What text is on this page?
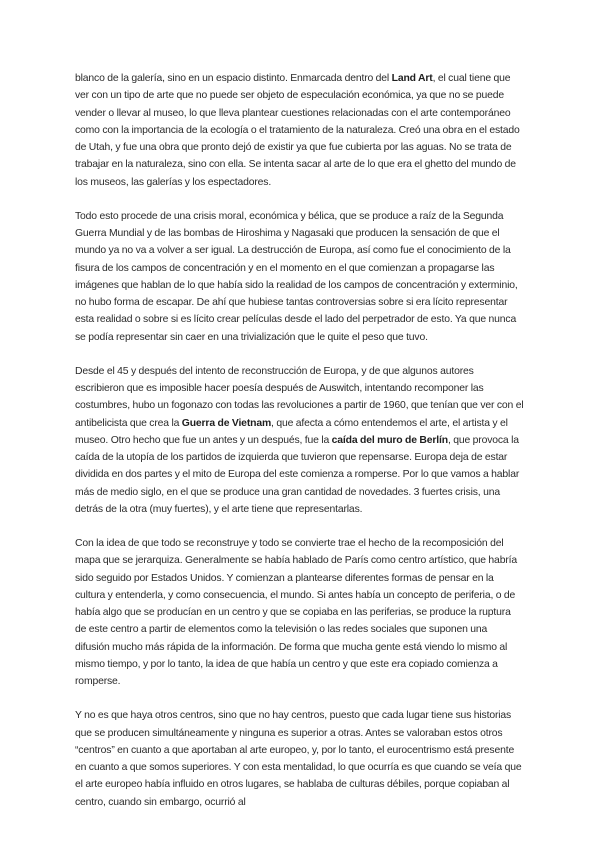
blanco de la galería, sino en un espacio distinto. Enmarcada dentro del Land Art, el cual tiene que ver con un tipo de arte que no puede ser objeto de especulación económica, ya que no se puede vender o llevar al museo, lo que lleva plantear cuestiones relacionadas con el arte contemporáneo como con la importancia de la ecología o el tratamiento de la naturaleza. Creó una obra en el estado de Utah, y fue una obra que pronto dejó de existir ya que fue cubierta por las aguas. No se trata de trabajar en la naturaleza, sino con ella. Se intenta sacar al arte de lo que era el ghetto del mundo de los museos, las galerías y los espectadores.

Todo esto procede de una crisis moral, económica y bélica, que se produce a raíz de la Segunda Guerra Mundial y de las bombas de Hiroshima y Nagasaki que producen la sensación de que el mundo ya no va a volver a ser igual. La destrucción de Europa, así como fue el conocimiento de la fisura de los campos de concentración y en el momento en el que comienzan a propagarse las imágenes que hablan de lo que había sido la realidad de los campos de concentración y exterminio, no hubo forma de escapar. De ahí que hubiese tantas controversias sobre si era lícito representar esta realidad o sobre si es lícito crear películas desde el lado del perpetrador de esto. Ya que nunca se podía representar sin caer en una trivialización que le quite el peso que tuvo.

Desde el 45 y después del intento de reconstrucción de Europa, y de que algunos autores escribieron que es imposible hacer poesía después de Auswitch, intentando recomponer las costumbres, hubo un fogonazo con todas las revoluciones a partir de 1960, que tenían que ver con el antibelicista que crea la Guerra de Vietnam, que afecta a cómo entendemos el arte, el artista y el museo. Otro hecho que fue un antes y un después, fue la caída del muro de Berlín, que provoca la caída de la utopía de los partidos de izquierda que tuvieron que repensarse. Europa deja de estar dividida en dos partes y el mito de Europa del este comienza a romperse. Por lo que vamos a hablar más de medio siglo, en el que se produce una gran cantidad de novedades. 3 fuertes crisis, una detrás de la otra (muy fuertes), y el arte tiene que representarlas.

Con la idea de que todo se reconstruye y todo se convierte trae el hecho de la recomposición del mapa que se jerarquiza. Generalmente se había hablado de París como centro artístico, que habría sido seguido por Estados Unidos. Y comienzan a plantearse diferentes formas de pensar en la cultura y entenderla, y como consecuencia, el mundo. Si antes había un concepto de periferia, o de había algo que se producían en un centro y que se copiaba en las periferias, se produce la ruptura de este centro a partir de elementos como la televisión o las redes sociales que suponen una difusión mucho más rápida de la información. De forma que mucha gente está viendo lo mismo al mismo tiempo, y por lo tanto, la idea de que había un centro y que este era copiado comienza a romperse.

Y no es que haya otros centros, sino que no hay centros, puesto que cada lugar tiene sus historias que se producen simultáneamente y ninguna es superior a otras. Antes se valoraban estos otros “centros” en cuanto a que aportaban al arte europeo, y, por lo tanto, el eurocentrismo está presente en cuanto a que somos superiores. Y con esta mentalidad, lo que ocurría es que cuando se veía que el arte europeo había influido en otros lugares, se hablaba de culturas débiles, porque copiaban al centro, cuando sin embargo, ocurrió al
